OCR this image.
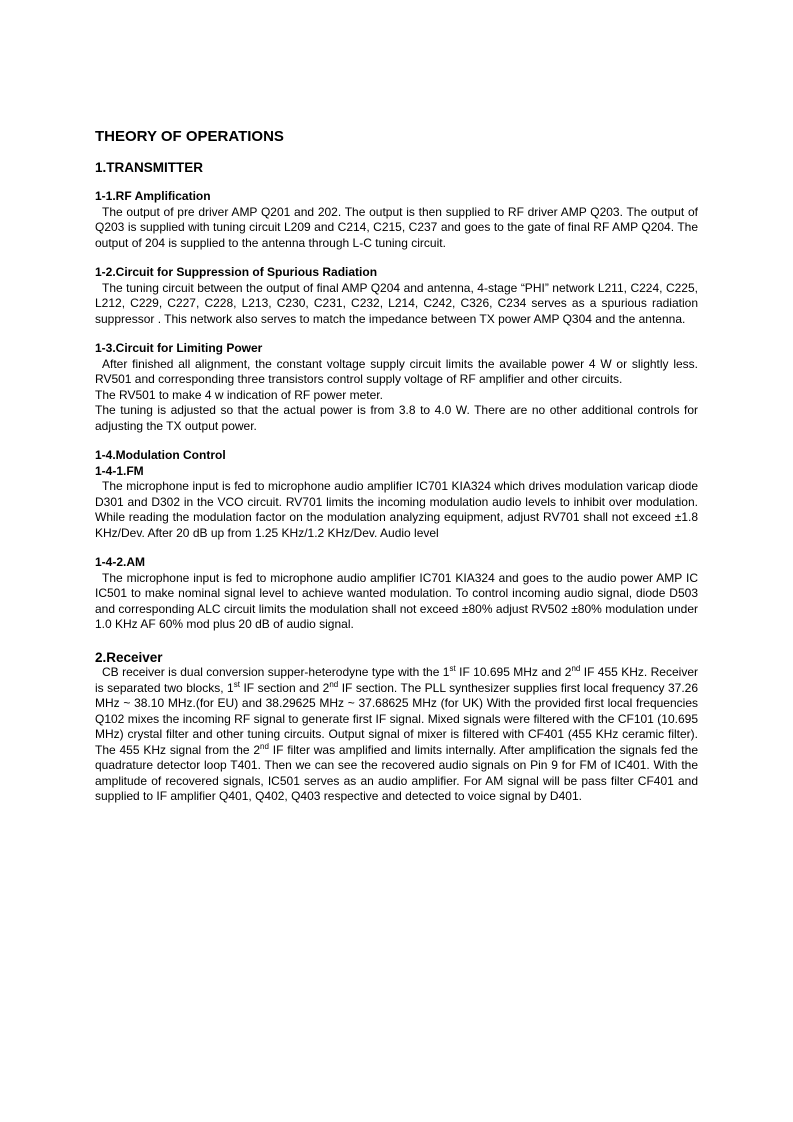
THEORY OF OPERATIONS
1.TRANSMITTER
1-1.RF Amplification

The output of pre driver AMP Q201 and 202. The output is then supplied to RF driver AMP Q203. The output of Q203 is supplied with tuning circuit L209 and C214, C215, C237 and goes to the gate of final RF AMP Q204. The output of 204 is supplied to the antenna through L-C tuning circuit.

1-2.Circuit for Suppression of Spurious Radiation

The tuning circuit between the output of final AMP Q204 and antenna, 4-stage “PHI” network L211, C224, C225, L212, C229, C227, C228, L213, C230, C231, C232, L214, C242, C326, C234 serves as a spurious radiation suppressor . This network also serves to match the impedance between TX power AMP Q304 and the antenna.

1-3.Circuit for Limiting Power

After finished all alignment, the constant voltage supply circuit limits the available power 4 W or slightly less. RV501 and corresponding three transistors control supply voltage of RF amplifier and other circuits.

The RV501 to make 4 w indication of RF power meter.

The tuning is adjusted so that the actual power is from 3.8 to 4.0 W. There are no other additional controls for adjusting the TX output power.

1-4.Modulation Control
1-4-1.FM

The microphone input is fed to microphone audio amplifier IC701 KIA324 which drives modulation varicap diode D301 and D302 in the VCO circuit. RV701 limits the incoming modulation audio levels to inhibit over modulation. While reading the modulation factor on the modulation analyzing equipment, adjust RV701 shall not exceed ±1.8 KHz/Dev. After 20 dB up from 1.25 KHz/1.2 KHz/Dev. Audio level

1-4-2.AM

The microphone input is fed to microphone audio amplifier IC701 KIA324 and goes to the audio power AMP IC IC501 to make nominal signal level to achieve wanted modulation. To control incoming audio signal, diode D503 and corresponding ALC circuit limits the modulation shall not exceed ±80% adjust RV502 ±80% modulation under 1.0 KHz AF 60% mod plus 20 dB of audio signal.

2.Receiver

CB receiver is dual conversion supper-heterodyne type with the 1st IF 10.695 MHz and 2nd IF 455 KHz. Receiver is separated two blocks, 1st IF section and 2nd IF section. The PLL synthesizer supplies first local frequency 37.26 MHz ~ 38.10 MHz.(for EU) and 38.29625 MHz ~ 37.68625 MHz (for UK) With the provided first local frequencies Q102 mixes the incoming RF signal to generate first IF signal. Mixed signals were filtered with the CF101 (10.695 MHz) crystal filter and other tuning circuits. Output signal of mixer is filtered with CF401 (455 KHz ceramic filter). The 455 KHz signal from the 2nd IF filter was amplified and limits internally. After amplification the signals fed the quadrature detector loop T401. Then we can see the recovered audio signals on Pin 9 for FM of IC401. With the amplitude of recovered signals, IC501 serves as an audio amplifier. For AM signal will be pass filter CF401 and supplied to IF amplifier Q401, Q402, Q403 respective and detected to voice signal by D401.
